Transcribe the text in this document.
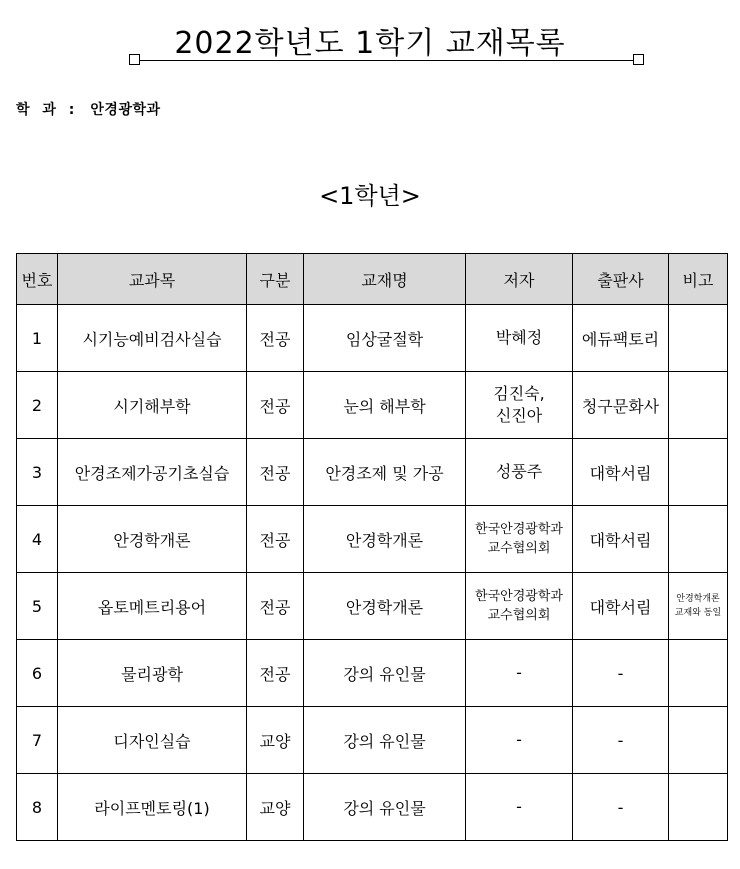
2022학년도 1학기 교재목록
학 과 : 안경광학과
<1학년>
번호	교과목	구분	교재명	저자	출판사	비고
1	시기능예비검사실습	전공	임상굴절학	박혜정	에듀팩토리	
2	시기해부학	전공	눈의 해부학	김진숙,
신진아	청구문화사	
3	안경조제가공기초실습	전공	안경조제 및 가공	성풍주	대학서림	
4	안경학개론	전공	안경학개론	한국안경광학과
교수협의회	대학서림	
5	옵토메트리용어	전공	안경학개론	한국안경광학과
교수협의회	대학서림	안경학개론
교재와 동일
6	물리광학	전공	강의 유인물	-	-	
7	디자인실습	교양	강의 유인물	-	-	
8	라이프멘토링(1)	교양	강의 유인물	-	-	
